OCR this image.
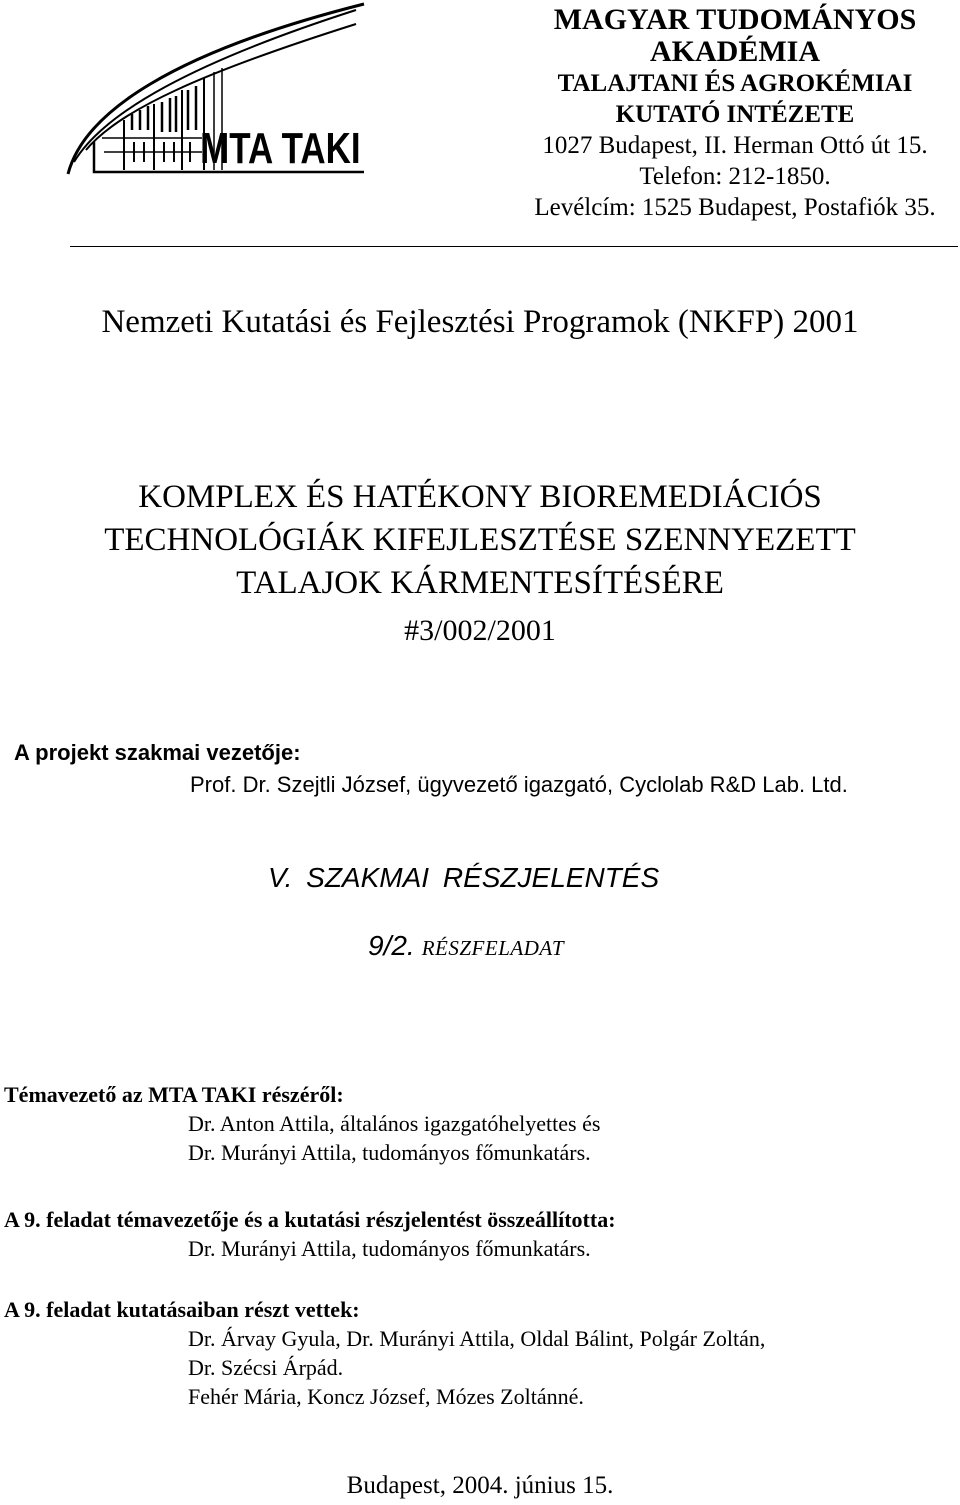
MTA TAKI
MAGYAR TUDOMÁNYOS
AKADÉMIA
TALAJTANI ÉS AGROKÉMIAI
KUTATÓ INTÉZETE
1027 Budapest, II. Herman Ottó út 15.
Telefon: 212-1850.
Levélcím: 1525 Budapest, Postafiók 35.
Nemzeti Kutatási és Fejlesztési Programok (NKFP) 2001
KOMPLEX ÉS HATÉKONY BIOREMEDIÁCIÓS
TECHNOLÓGIÁK KIFEJLESZTÉSE SZENNYEZETT
TALAJOK KÁRMENTESÍTÉSÉRE
#3/002/2001
A projekt szakmai vezetője:
Prof. Dr. Szejtli József, ügyvezető igazgató, Cyclolab R&D Lab. Ltd.
V. SZAKMAI RÉSZJELENTÉS
9/2. RÉSZFELADAT
Témavezető az MTA TAKI részéről:
Dr. Anton Attila, általános igazgatóhelyettes és
Dr. Murányi Attila, tudományos főmunkatárs.
A 9. feladat témavezetője és a kutatási részjelentést összeállította:
Dr. Murányi Attila, tudományos főmunkatárs.
A 9. feladat kutatásaiban részt vettek:
Dr. Árvay Gyula, Dr. Murányi Attila, Oldal Bálint, Polgár Zoltán,
Dr. Szécsi Árpád.
Fehér Mária, Koncz József, Mózes Zoltánné.
Budapest, 2004. június 15.
